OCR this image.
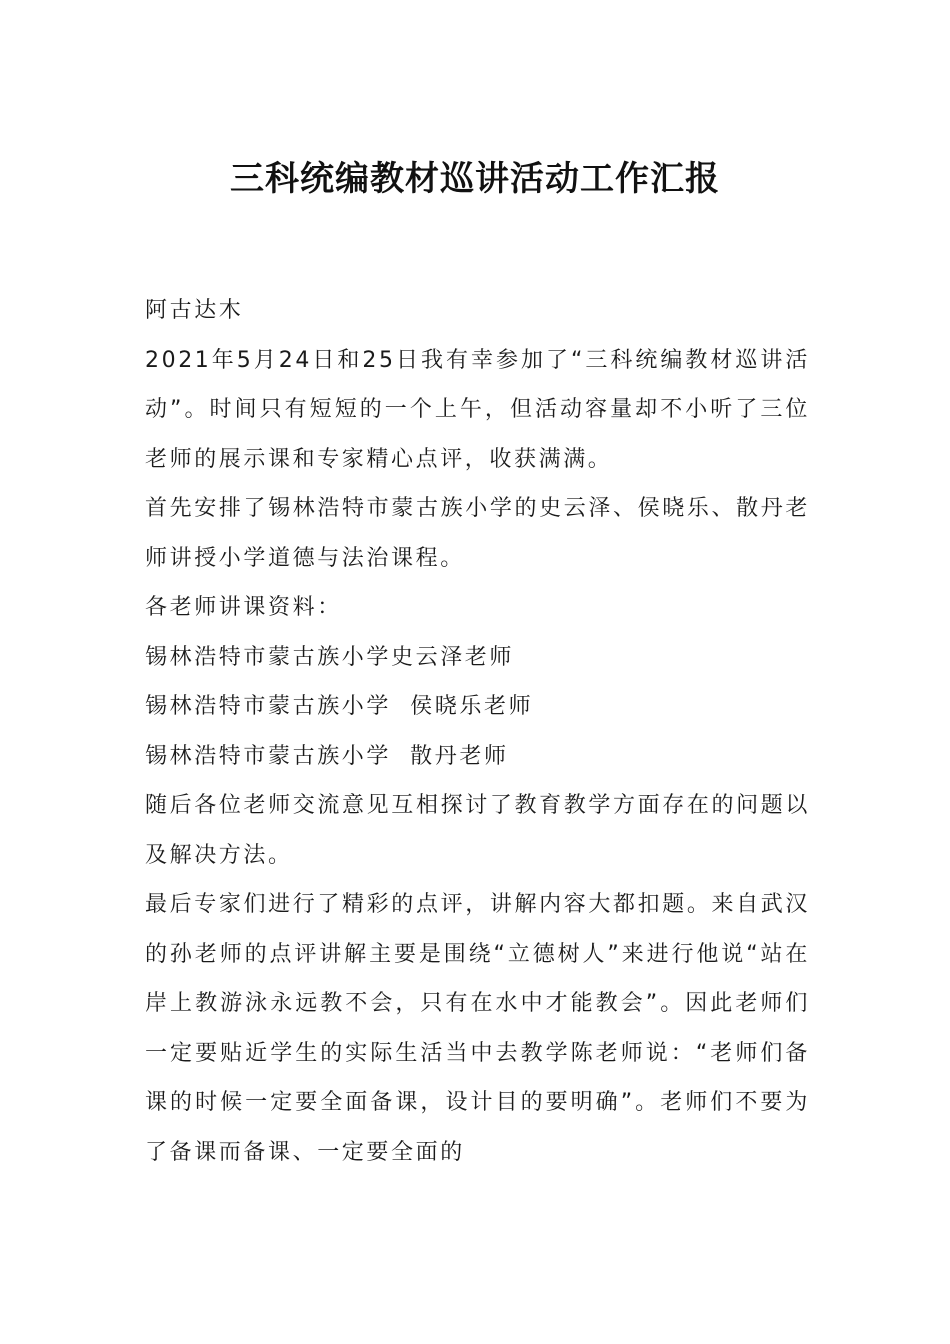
三科统编教材巡讲活动工作汇报

阿古达木

2021年5月24日和25日我有幸参加了“三科统编教材巡讲活动”。时间只有短短的一个上午，但活动容量却不小听了三位老师的展示课和专家精心点评，收获满满。

首先安排了锡林浩特市蒙古族小学的史云泽、侯晓乐、散丹老师讲授小学道德与法治课程。

各老师讲课资料：

锡林浩特市蒙古族小学史云泽老师

锡林浩特市蒙古族小学  侯晓乐老师

锡林浩特市蒙古族小学  散丹老师

随后各位老师交流意见互相探讨了教育教学方面存在的问题以及解决方法。

最后专家们进行了精彩的点评，讲解内容大都扣题。来自武汉的孙老师的点评讲解主要是围绕“立德树人”来进行他说“站在岸上教游泳永远教不会，只有在水中才能教会”。因此老师们一定要贴近学生的实际生活当中去教学陈老师说：“老师们备课的时候一定要全面备课，设计目的要明确”。老师们不要为了备课而备课、一定要全面的
